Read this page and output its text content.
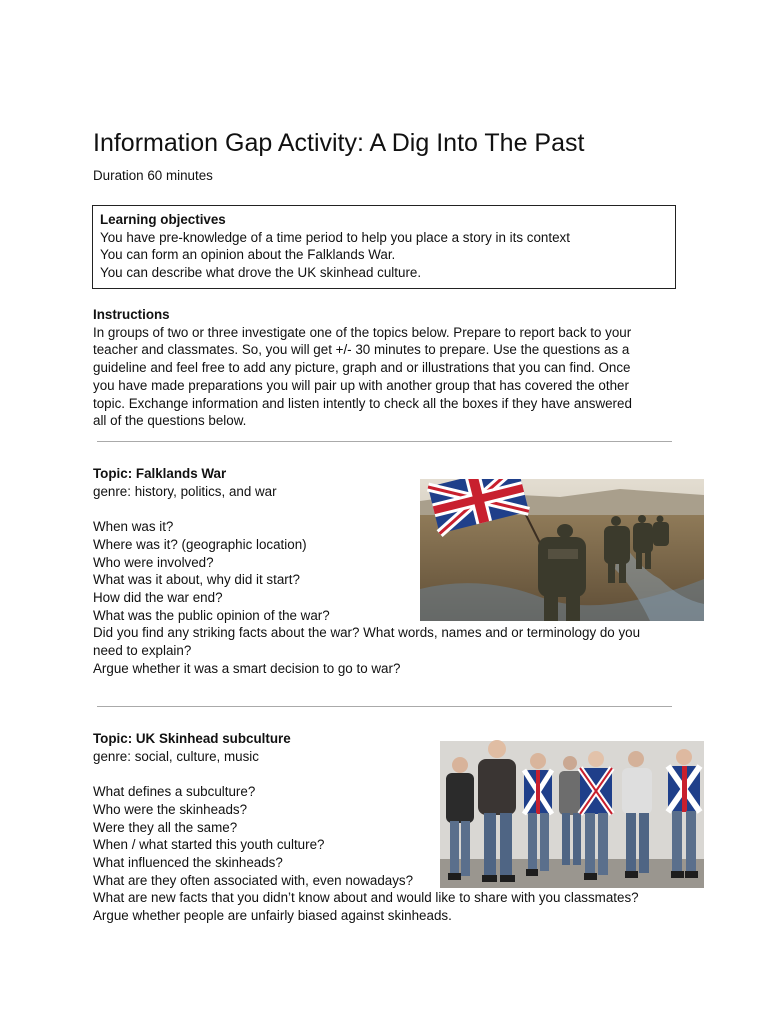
Information Gap Activity: A Dig Into The Past
Duration 60 minutes
Learning objectives
You have pre-knowledge of a time period to help you place a story in its context
You can form an opinion about the Falklands War.
You can describe what drove the UK skinhead culture.
Instructions
In groups of two or three investigate one of the topics below. Prepare to report back to your
teacher and classmates. So, you will get +/- 30 minutes to prepare. Use the questions as a
guideline and feel free to add any picture, graph and or illustrations that you can find. Once
you have made preparations you will pair up with another group that has covered the other
topic. Exchange information and listen intently to check all the boxes if they have answered
all of the questions below.
Topic: Falklands War
genre: history, politics, and war
When was it?
Where was it? (geographic location)
Who were involved?
What was it about, why did it start?
How did the war end?
What was the public opinion of the war?
Did you find any striking facts about the war? What words, names and or terminology do you
need to explain?
Argue whether it was a smart decision to go to war?
Topic: UK Skinhead subculture
genre: social, culture, music
What defines a subculture?
Who were the skinheads?
Were they all the same?
When / what started this youth culture?
What influenced the skinheads?
What are they often associated with, even nowadays?
What are new facts that you didn’t know about and would like to share with you classmates?
Argue whether people are unfairly biased against skinheads.
